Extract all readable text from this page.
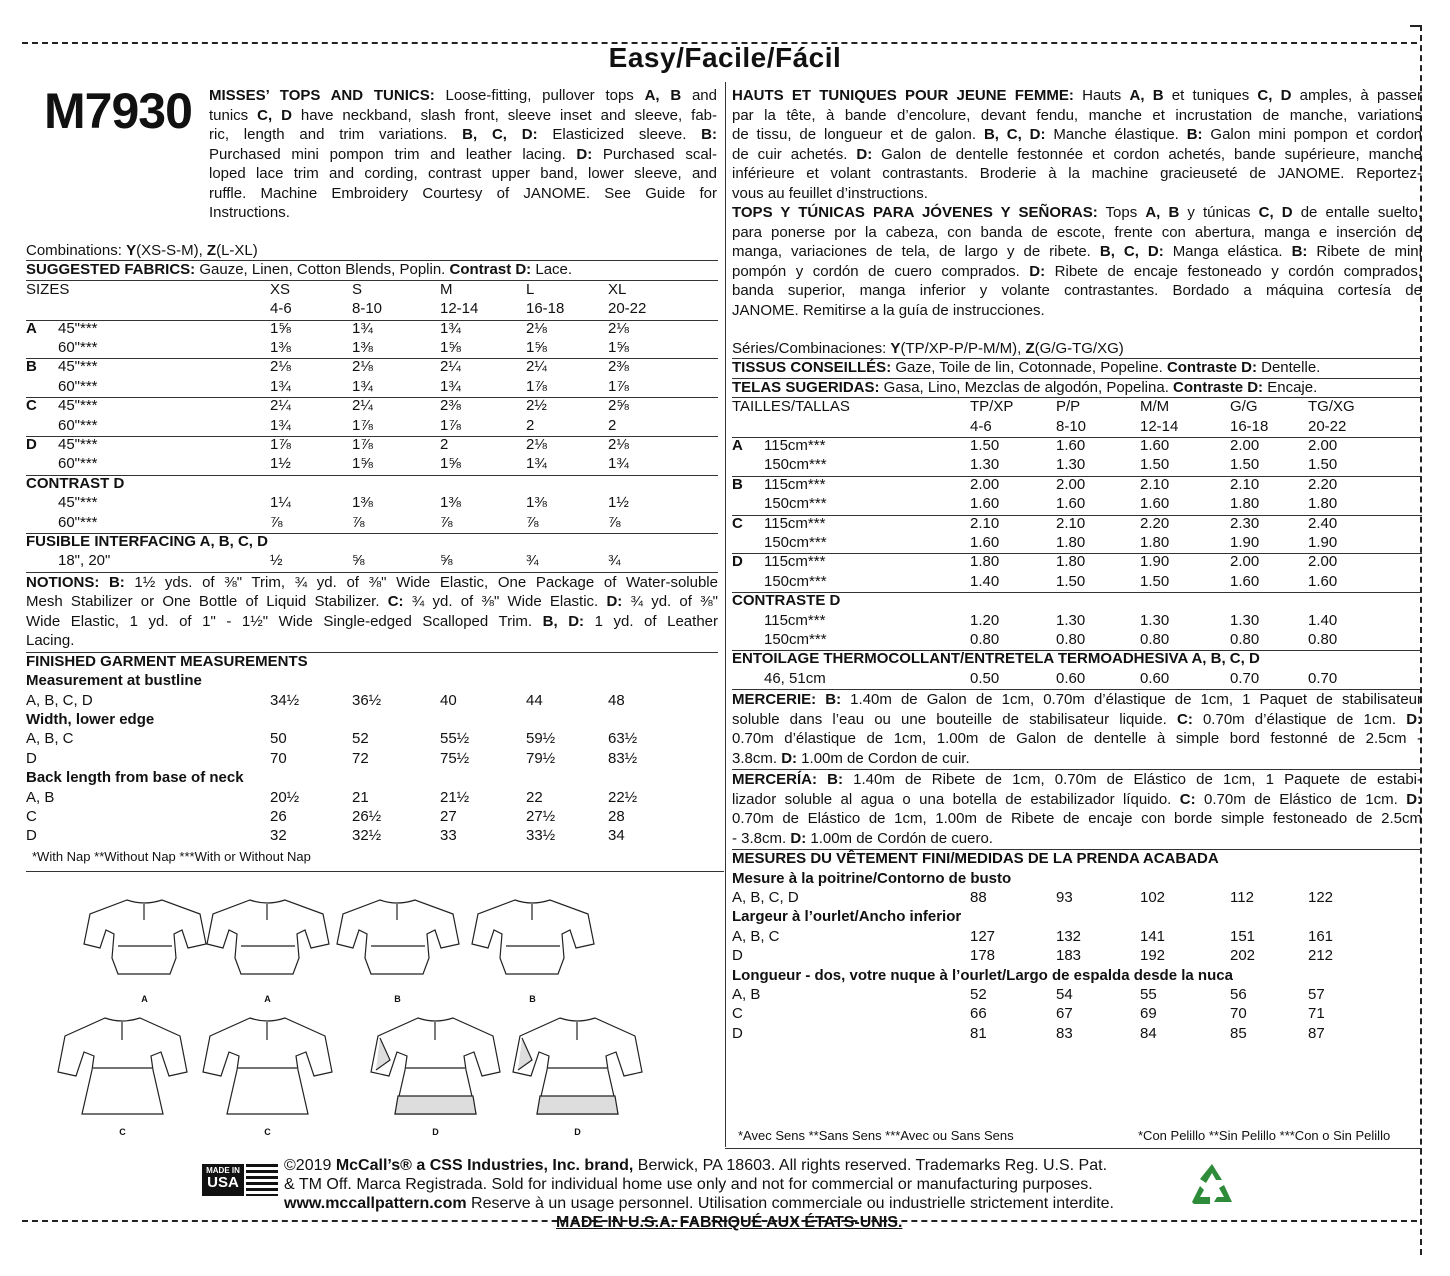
Easy/Facile/Fácil
M7930 MISSES’ TOPS AND TUNICS: Loose-fitting, pullover tops A, B and
tunics C, D have neckband, slash front, sleeve inset and sleeve, fab-
ric, length and trim variations. B, C, D: Elasticized sleeve. B:
Purchased mini pompon trim and leather lacing. D: Purchased scal-
loped lace trim and cording, contrast upper band, lower sleeve, and
ruffle. Machine Embroidery Courtesy of JANOME. See Guide for
Instructions.
Combinations: Y(XS-S-M), Z(L-XL)
SUGGESTED FABRICS: Gauze, Linen, Cotton Blends, Poplin. Contrast D: Lace.
SIZES	XS	S	M	L	XL
4-6	8-10	12-14	16-18	20-22
A 45"***	1⅝	1¾	1¾	2⅛	2⅛
60"***	1⅜	1⅜	1⅝	1⅝	1⅝
B 45"***	2⅛	2⅛	2¼	2¼	2⅜
60"***	1¾	1¾	1¾	1⅞	1⅞
C 45"***	2¼	2¼	2⅜	2½	2⅝
60"***	1¾	1⅞	1⅞	2	2
D 45"***	1⅞	1⅞	2	2⅛	2⅛
60"***	1½	1⅝	1⅝	1¾	1¾
CONTRAST D
45"***	1¼	1⅜	1⅜	1⅜	1½
60"***	⅞	⅞	⅞	⅞	⅞
FUSIBLE INTERFACING A, B, C, D
18", 20"	½	⅝	⅝	¾	¾
NOTIONS: B: 1½ yds. of ⅜" Trim, ¾ yd. of ⅜" Wide Elastic, One Package of Water-soluble
Mesh Stabilizer or One Bottle of Liquid Stabilizer. C: ¾ yd. of ⅜" Wide Elastic. D: ¾ yd. of ⅜"
Wide Elastic, 1 yd. of 1" - 1½" Wide Single-edged Scalloped Trim. B, D: 1 yd. of Leather
Lacing.
FINISHED GARMENT MEASUREMENTS
Measurement at bustline
A, B, C, D	34½	36½	40	44	48
Width, lower edge
A, B, C	50	52	55½	59½	63½
D	70	72	75½	79½	83½
Back length from base of neck
A, B	20½	21	21½	22	22½
C	26	26½	27	27½	28
D	32	32½	33	33½	34
*With Nap **Without Nap ***With or Without Nap
A	A	B	B
C	C	D	D
HAUTS ET TUNIQUES POUR JEUNE FEMME: Hauts A, B et tuniques C, D amples, à passer
par la tête, à bande d’encolure, devant fendu, manche et incrustation de manche, variations
de tissu, de longueur et de galon. B, C, D: Manche élastique. B: Galon mini pompon et cordon
de cuir achetés. D: Galon de dentelle festonnée et cordon achetés, bande supérieure, manche
inférieure et volant contrastants. Broderie à la machine gracieuseté de JANOME. Reportez-
vous au feuillet d’instructions.
TOPS Y TÚNICAS PARA JÓVENES Y SEÑORAS: Tops A, B y túnicas C, D de entalle suelto,
para ponerse por la cabeza, con banda de escote, frente con abertura, manga e inserción de
manga, variaciones de tela, de largo y de ribete. B, C, D: Manga elástica. B: Ribete de mini
pompón y cordón de cuero comprados. D: Ribete de encaje festoneado y cordón comprados,
banda superior, manga inferior y volante contrastantes. Bordado a máquina cortesía de
JANOME. Remitirse a la guía de instrucciones.
Séries/Combinaciones: Y(TP/XP-P/P-M/M), Z(G/G-TG/XG)
TISSUS CONSEILLÉS: Gaze, Toile de lin, Cotonnade, Popeline. Contraste D: Dentelle.
TELAS SUGERIDAS: Gasa, Lino, Mezclas de algodón, Popelina. Contraste D: Encaje.
TAILLES/TALLAS	TP/XP	P/P	M/M	G/G	TG/XG
4-6	8-10	12-14	16-18	20-22
A 115cm***	1.50	1.60	1.60	2.00	2.00
150cm***	1.30	1.30	1.50	1.50	1.50
B 115cm***	2.00	2.00	2.10	2.10	2.20
150cm***	1.60	1.60	1.60	1.80	1.80
C 115cm***	2.10	2.10	2.20	2.30	2.40
150cm***	1.60	1.80	1.80	1.90	1.90
D 115cm***	1.80	1.80	1.90	2.00	2.00
150cm***	1.40	1.50	1.50	1.60	1.60
CONTRASTE D
115cm***	1.20	1.30	1.30	1.30	1.40
150cm***	0.80	0.80	0.80	0.80	0.80
ENTOILAGE THERMOCOLLANT/ENTRETELA TERMOADHESIVA A, B, C, D
46, 51cm	0.50	0.60	0.60	0.70	0.70
MERCERIE: B: 1.40m de Galon de 1cm, 0.70m d’élastique de 1cm, 1 Paquet de stabilisateur
soluble dans l’eau ou une bouteille de stabilisateur liquide. C: 0.70m d’élastique de 1cm. D:
0.70m d’élastique de 1cm, 1.00m de Galon de dentelle à simple bord festonné de 2.5cm -
3.8cm. D: 1.00m de Cordon de cuir.
MERCERÍA: B: 1.40m de Ribete de 1cm, 0.70m de Elástico de 1cm, 1 Paquete de estabi-
lizador soluble al agua o una botella de estabilizador líquido. C: 0.70m de Elástico de 1cm. D:
0.70m de Elástico de 1cm, 1.00m de Ribete de encaje con borde simple festoneado de 2.5cm
- 3.8cm. D: 1.00m de Cordón de cuero.
MESURES DU VÊTEMENT FINI/MEDIDAS DE LA PRENDA ACABADA
Mesure à la poitrine/Contorno de busto
A, B, C, D	88	93	102	112	122
Largeur à l’ourlet/Ancho inferior
A, B, C	127	132	141	151	161
D	178	183	192	202	212
Longueur - dos, votre nuque à l’ourlet/Largo de espalda desde la nuca
A, B	52	54	55	56	57
C	66	67	69	70	71
D	81	83	84	85	87
*Avec Sens **Sans Sens ***Avec ou Sans Sens	*Con Pelillo **Sin Pelillo ***Con o Sin Pelillo
MADE IN
USA
©2019 McCall’s® a CSS Industries, Inc. brand, Berwick, PA 18603. All rights reserved. Trademarks Reg. U.S. Pat.
& TM Off. Marca Registrada. Sold for individual home use only and not for commercial or manufacturing purposes.
www.mccallpattern.com Reserve à un usage personnel. Utilisation commerciale ou industrielle strictement interdite.
MADE IN U.S.A. FABRIQUÉ AUX ÉTATS-UNIS.
